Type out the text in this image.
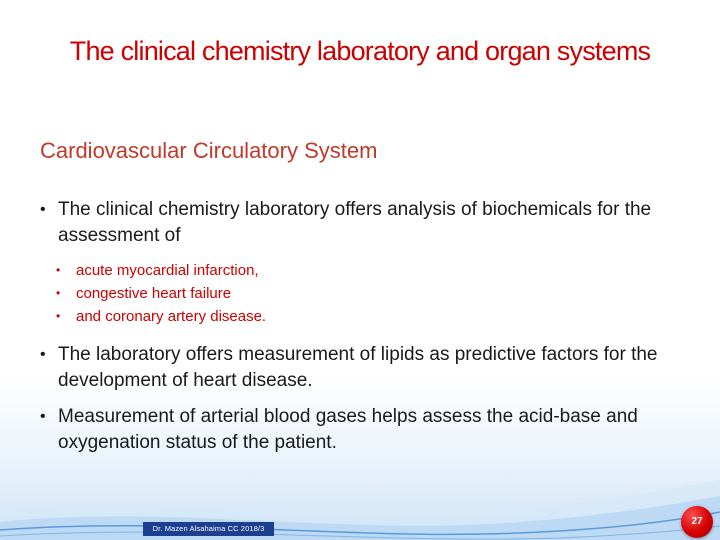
The clinical chemistry laboratory and organ systems
Cardiovascular Circulatory System
• The clinical chemistry laboratory offers analysis of biochemicals for the assessment of
• acute myocardial infarction,
• congestive heart failure
• and coronary artery disease.
• The laboratory offers measurement of lipids as predictive factors for the development of heart disease.
• Measurement of arterial blood gases helps assess the acid-base and oxygenation status of the patient.
Dr. Mazen Alsahaima CC 2018/3
27
